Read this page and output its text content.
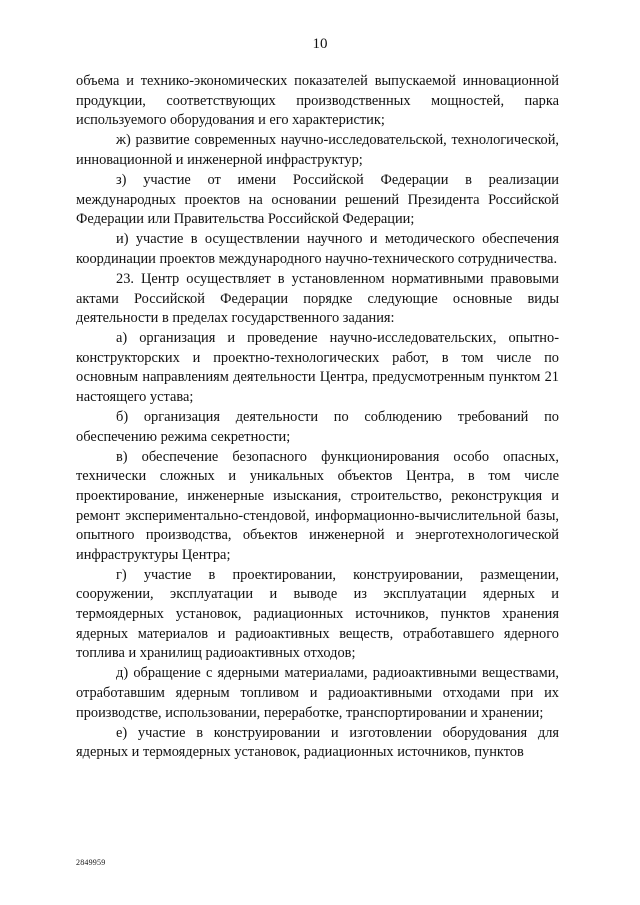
10

объема и технико-экономических показателей выпускаемой инновационной продукции, соответствующих производственных мощностей, парка используемого оборудования и его характеристик;

ж) развитие современных научно-исследовательской, технологической, инновационной и инженерной инфраструктур;

з) участие от имени Российской Федерации в реализации международных проектов на основании решений Президента Российской Федерации или Правительства Российской Федерации;

и) участие в осуществлении научного и методического обеспечения координации проектов международного научно-технического сотрудничества.

23. Центр осуществляет в установленном нормативными правовыми актами Российской Федерации порядке следующие основные виды деятельности в пределах государственного задания:

а) организация и проведение научно-исследовательских, опытно-конструкторских и проектно-технологических работ, в том числе по основным направлениям деятельности Центра, предусмотренным пунктом 21 настоящего устава;

б) организация деятельности по соблюдению требований по обеспечению режима секретности;

в) обеспечение безопасного функционирования особо опасных, технически сложных и уникальных объектов Центра, в том числе проектирование, инженерные изыскания, строительство, реконструкция и ремонт экспериментально-стендовой, информационно-вычислительной базы, опытного производства, объектов инженерной и энерготехнологической инфраструктуры Центра;

г) участие в проектировании, конструировании, размещении, сооружении, эксплуатации и выводе из эксплуатации ядерных и термоядерных установок, радиационных источников, пунктов хранения ядерных материалов и радиоактивных веществ, отработавшего ядерного топлива и хранилищ радиоактивных отходов;

д) обращение с ядерными материалами, радиоактивными веществами, отработавшим ядерным топливом и радиоактивными отходами при их производстве, использовании, переработке, транспортировании и хранении;

е) участие в конструировании и изготовлении оборудования для ядерных и термоядерных установок, радиационных источников, пунктов

2849959
